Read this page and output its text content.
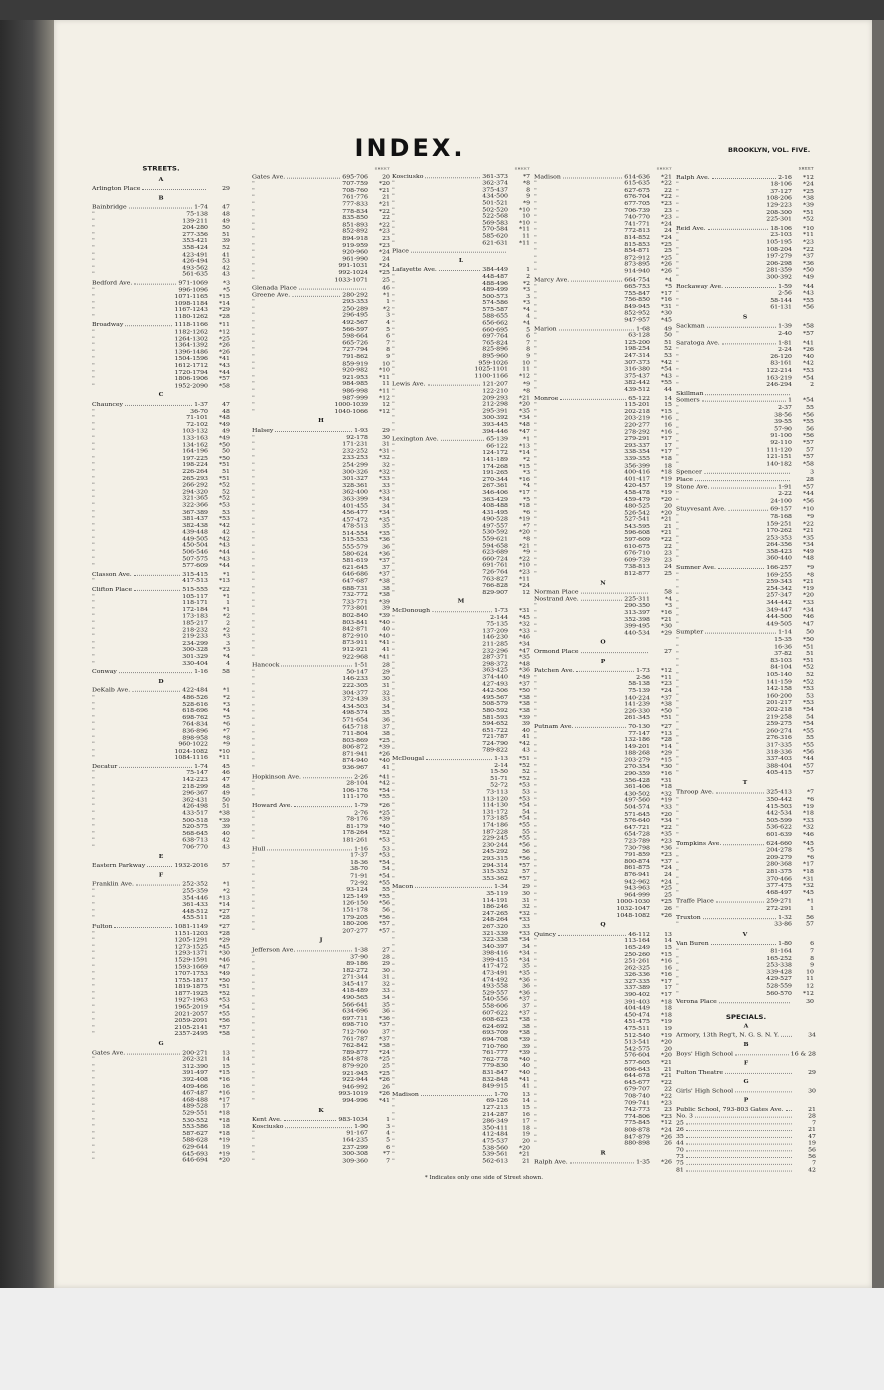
INDEX.	BROOKLYN, VOL. FIVE.
STREETS.
A
Arlington Place	29
B
Bainbridge	1-74	47
"	75-138	48
"	139-211	49
"	204-280	50
"	277-356	51
"	353-421	39
"	358-424	52
"	423-491	41
"	426-494	53
"	493-562	42
"	561-635	43
Bedford Ave.	971-1069	*3
"	996-1096	*5
"	1071-1165	*15
"	1098-1184	*14
"	1167-1243	*29
"	1180-1262	*28
Broadway	1118-1166	*11
"	1182-1262	*12
"	1264-1302	*25
"	1364-1392	*26
"	1396-1486	*26
"	1504-1596	*41
"	1612-1712	*43
"	1720-1794	*44
"	1806-1906	*57
"	1952-2090	*58
C
Chauncey	1-37	47
"	36-70	48
"	71-101	*48
"	72-102	*49
"	103-132	49
"	133-163	*49
"	134-162	*50
"	164-196	50
"	197-225	*50
"	198-224	*51
"	226-264	51
"	265-293	*51
"	266-292	*52
"	294-320	52
"	321-365	*52
"	322-366	*53
"	367-389	53
"	381-437	*53
"	382-438	*42
"	439-448	42
"	449-505	*42
"	450-504	*43
"	506-546	*44
"	507-575	*43
"	577-609	*44
Classon Ave.	315-415	*1
"	417-513	*13
Clifton Place	515-555	*22
"	105-117	*1
"	118-171	1
"	172-184	*1
"	173-183	*2
"	185-217	2
"	218-232	*2
"	219-233	*3
"	234-299	3
"	300-328	*3
"	301-329	*4
"	330-404	4
Conway	1-16	58
D
DeKalb Ave.	422-484	*1
"	486-526	*2
"	528-616	*3
"	618-696	*4
"	698-762	*5
"	764-834	*6
"	836-896	*7
"	898-958	*8
"	960-1022	*9
"	1024-1082	*10
"	1084-1116	*11
Decatur	1-74	45
"	75-147	46
"	142-223	47
"	218-299	48
"	296-367	49
"	362-431	50
"	426-498	51
"	433-517	*38
"	500-518	*39
"	520-575	39
"	568-645	40
"	638-713	42
"	706-770	43
E
Eastern Parkway	1932-2016	57
F
Franklin Ave.	252-352	*1
"	255-359	*2
"	354-446	*13
"	361-433	*14
"	448-512	*27
"	455-511	*28
Fulton	1081-1149	*27
"	1151-1203	*28
"	1205-1291	*29
"	1273-1525	*45
"	1293-1371	*30
"	1529-1591	*46
"	1593-1669	*47
"	1707-1753	*49
"	1755-1817	*50
"	1819-1875	*51
"	1877-1925	*52
"	1927-1963	*53
"	1965-2019	*54
"	2021-2057	*55
"	2059-2091	*56
"	2105-2141	*57
"	2357-2495	*58
G
Gates Ave.	200-271	13
"	262-321	14
"	312-390	15
"	391-497	*15
"	392-408	*16
"	409-466	16
"	467-487	*16
"	468-488	*17
"	489-528	17
"	529-551	*18
"	530-552	*18
"	553-586	18
"	587-627	*18
"	588-628	*19
"	629-644	19
"	645-693	*19
"	646-694	*20
SHEET
Gates Ave.	695-706	20
"	707-759	*20
"	708-760	*21
"	761-776	21
"	777-833	*21
"	778-834	*22
"	835-850	22
"	851-893	*22
"	852-892	*23
"	894-918	23
"	919-959	*23
"	920-960	*24
"	961-990	24
"	991-1031	*24
"	992-1024	*25
"	1033-1071	25
Glenada Place	46
Greene Ave.	280-292	*1
"	293-353	1
"	250-289	*2
"	296-495	3
"	492-567	4
"	566-597	5
"	598-664	6
"	665-726	7
"	727-794	8
"	791-862	9
"	859-919	10
"	920-982	*10
"	921-953	*11
"	984-985	11
"	986-998	*11
"	987-999	*12
"	1000-1039	12
"	1040-1066	*12
H
Halsey	1-93	29
"	92-178	30
"	171-231	31
"	232-252	*31
"	233-253	*32
"	254-299	32
"	300-326	*32
"	301-327	*33
"	328-361	33
"	362-400	*33
"	363-399	*34
"	401-455	34
"	456-477	*34
"	457-472	*35
"	478-513	35
"	514-554	*35
"	515-553	*36
"	555-579	36
"	580-624	*36
"	581-619	*37
"	621-645	37
"	646-686	*37
"	647-687	*38
"	688-731	38
"	732-772	*38
"	733-771	*39
"	773-801	39
"	802-840	*39
"	803-841	*40
"	842-871	40
"	872-910	*40
"	873-911	*41
"	912-921	41
"	922-968	*41
Hancock	1-51	28
"	50-147	29
"	146-233	30
"	222-305	31
"	304-377	32
"	372-439	33
"	434-503	34
"	498-574	35
"	571-654	36
"	645-718	37
"	711-804	38
"	803-869	*25
"	806-872	*39
"	871-941	*26
"	874-940	*40
"	936-967	41
Hopkinson Ave.	2-26	*41
"	28-104	*42
"	106-176	*54
"	111-170	*55
Howard Ave.	1-79	*26
"	2-76	*25
"	78-176	*39
"	81-179	*40
"	178-264	*52
"	181-261	*53
Hull	1-16	53
"	17-37	*53
"	18-36	*54
"	38-70	54
"	71-91	*54
"	72-92	*55
"	93-124	55
"	125-149	*55
"	126-150	*56
"	151-178	56
"	179-205	*56
"	180-206	*57
"	207-277	*57
J
Jefferson Ave.	1-38	27
"	37-90	28
"	89-186	29
"	182-272	30
"	271-344	31
"	345-417	32
"	418-489	33
"	490-565	34
"	566-641	35
"	634-696	36
"	697-711	*36
"	698-710	*37
"	712-760	37
"	761-787	*37
"	762-842	*38
"	789-877	*24
"	854-878	*25
"	879-920	25
"	921-945	*25
"	922-944	*26
"	946-992	26
"	993-1019	*26
"	994-996	*41
K
Kent Ave.	983-1034	1
Kosciusko	1-90	3
"	91-167	4
"	164-235	5
"	237-299	6
"	300-308	*7
"	309-360	7
SHEET
Kosciusko	361-373	*7
"	362-374	*8
"	375-437	8
"	434-500	9
"	501-521	*9
"	502-520	*10
"	522-568	10
"	569-583	*10
"	570-584	*11
"	585-620	11
"	621-631	*11
Place
L
Lafayette Ave.	384-449	1
"	448-487	2
"	488-496	*2
"	489-499	*3
"	500-573	3
"	574-586	*3
"	575-587	*4
"	588-655	4
"	656-662	*4
"	660-695	5
"	697-764	6
"	765-824	7
"	825-896	8
"	895-960	9
"	959-1026	10
"	1025-1101	11
"	1100-1166	*12
Lewis Ave.	121-207	*9
"	122-210	*8
"	209-293	*21
"	212-298	*20
"	295-391	*35
"	300-392	*34
"	393-445	*48
"	394-446	*47
Lexington Ave.	65-139	*1
"	66-122	*13
"	124-172	*14
"	141-189	*2
"	174-268	*15
"	191-265	*3
"	270-344	*16
"	267-361	*4
"	346-406	*17
"	363-429	*5
"	408-488	*18
"	431-495	*6
"	490-528	*19
"	497-557	*7
"	530-592	*20
"	559-621	*8
"	594-658	*21
"	623-689	*9
"	660-724	*22
"	691-761	*10
"	726-764	*23
"	763-827	*11
"	766-828	*24
"	829-907	12
M
McDonough	1-73	*31
"	2-144	*45
"	75-135	*32
"	137-209	*33
"	146-230	*46
"	211-285	*34
"	232-296	*47
"	287-371	*35
"	298-372	*48
"	363-425	*36
"	374-440	*49
"	427-493	*37
"	442-506	*50
"	495-567	*38
"	508-579	*38
"	580-592	*38
"	581-593	*39
"	594-652	39
"	651-722	40
"	721-787	41
"	724-790	*42
"	789-822	43
McDougal	1-13	*51
"	2-14	*52
"	15-50	52
"	51-71	*52
"	52-72	*53
"	73-113	53
"	113-120	*53
"	114-130	*54
"	131-172	54
"	173-185	*54
"	174-186	*55
"	187-228	55
"	229-245	*55
"	230-244	*56
"	245-292	56
"	293-315	*56
"	294-314	*57
"	315-352	57
"	353-362	*57
Macon	1-34	29
"	35-119	30
"	114-191	31
"	186-246	32
"	247-265	*32
"	248-264	*33
"	267-320	33
"	321-339	*33
"	322-338	*34
"	340-397	34
"	398-416	*34
"	399-415	*34
"	417-472	35
"	473-491	*35
"	474-492	*36
"	493-558	36
"	529-557	*36
"	540-556	*37
"	558-606	37
"	607-622	*37
"	608-623	*38
"	624-692	38
"	693-709	*38
"	694-708	*39
"	710-760	39
"	761-777	*39
"	762-778	*40
"	779-830	40
"	831-847	*40
"	832-848	*41
"	849-915	41
Madison	1-70	13
"	69-126	14
"	127-213	15
"	214-287	16
"	286-349	17
"	350-411	18
"	412-484	19
"	475-537	20
"	538-560	*20
"	539-561	*21
"	562-613	21
SHEET
Madison	614-636	*21
"	615-635	*22
"	627-675	22
"	676-704	*22
"	677-705	*23
"	706-739	23
"	740-770	*23
"	741-771	*24
"	772-813	24
"	814-852	*24
"	815-853	*25
"	854-871	25
"	872-912	*25
"	873-895	*26
"	914-940	*26
Marcy Ave.	664-754	*4
"	665-753	*5
"	755-847	*17
"	756-850	*16
"	849-945	*31
"	852-952	*30
"	947-957	*45
Marion	1-68	49
"	63-128	50
"	125-200	51
"	198-254	52
"	247-314	53
"	307-373	*42
"	316-380	*54
"	375-437	*43
"	382-442	*55
"	439-512	44
Monroe	65-122	14
"	115-201	15
"	202-218	*15
"	203-219	*16
"	220-277	16
"	278-292	*16
"	279-291	*17
"	293-337	17
"	338-354	*17
"	339-355	*18
"	356-399	18
"	400-416	*18
"	401-417	*19
"	420-457	19
"	458-478	*19
"	459-479	*20
"	480-525	20
"	526-542	*20
"	527-541	*21
"	543-595	21
"	596-608	*21
"	597-609	*22
"	610-675	22
"	676-710	23
"	609-739	23
"	738-813	24
"	812-877	25
N
Norman Place	58
Nostrand Ave.	225-311	*4
"	290-350	*3
"	313-397	*16
"	352-398	*21
"	399-495	*30
"	440-534	*29
O
Ormond Place	27
P
Patchen Ave.	1-73	*12
"	2-56	*11
"	58-138	*23
"	75-139	*24
"	140-224	*37
"	141-239	*38
"	226-330	*50
"	261-345	*51
Putnam Ave.	70-130	*27
"	77-147	*13
"	132-186	*28
"	149-201	*14
"	188-268	*29
"	203-279	*15
"	270-354	*30
"	290-359	*16
"	356-428	*31
"	361-406	*18
"	430-502	*32
"	497-560	*19
"	504-574	*33
"	571-645	*20
"	576-640	*34
"	647-721	*22
"	654-728	*35
"	723-789	*23
"	730-798	*36
"	791-859	*23
"	800-874	*37
"	861-875	*24
"	876-941	24
"	942-962	*24
"	943-963	*25
"	964-999	25
"	1000-1030	*25
"	1032-1047	26
"	1048-1082	*26
Q
Quincy	46-112	13
"	113-164	14
"	165-249	15
"	250-260	*15
"	251-261	*16
"	262-325	16
"	326-336	*16
"	327-335	*17
"	337-389	17
"	390-402	*17
"	391-403	*18
"	404-449	18
"	450-474	*18
"	451-475	*19
"	475-511	19
"	512-540	*19
"	513-541	*20
"	542-575	20
"	576-604	*20
"	577-605	*21
"	606-643	21
"	644-678	*21
"	645-677	*22
"	679-707	22
"	708-740	*22
"	709-741	*23
"	742-773	23
"	774-806	*23
"	775-845	*12
"	808-878	*24
"	847-879	*26
"	880-898	26
R
Ralph Ave.	1-35	*26
SHEET
Ralph Ave.	2-16	*12
"	18-106	*24
"	37-127	*25
"	108-206	*38
"	129-223	*39
"	208-300	*51
"	225-301	*52
Reid Ave.	18-106	*10
"	23-103	*11
"	105-195	*23
"	108-204	*22
"	197-279	*37
"	206-298	*36
"	281-359	*50
"	300-392	*49
Rockaway Ave.	1-59	*44
"	2-56	*43
"	58-144	*55
"	61-131	*56
S
Sackman	1-39	*58
"	2-40	*57
Saratoga Ave.	1-81	*41
"	2-24	*26
"	26-120	*40
"	83-161	*42
"	122-214	*53
"	163-219	*54
"	246-294	2
Skillman
Somers	1	*54
"	2-37	55
"	38-56	*56
"	39-55	*55
"	57-90	56
"	91-100	*56
"	92-110	*57
"	111-120	57
"	121-151	*57
"	140-182	*58
Spencer	3
Place	28
Stone Ave.	1-91	*57
"	2-22	*44
"	24-100	*56
Stuyvesant Ave.	69-157	*10
"	78-168	*9
"	159-251	*22
"	170-262	*21
"	253-353	*35
"	264-356	*34
"	358-423	*49
"	360-440	*48
Sumner Ave.	166-257	*9
"	169-255	*8
"	259-343	*21
"	254-342	*19
"	257-347	*20
"	344-442	*33
"	349-447	*34
"	444-500	*46
"	449-505	*47
Sumpter	1-14	50
"	15-35	*50
"	16-36	*51
"	37-82	51
"	83-103	*51
"	84-104	*52
"	105-140	52
"	141-159	*52
"	142-158	*53
"	160-200	53
"	201-217	*53
"	202-218	*54
"	219-258	54
"	259-275	*54
"	260-274	*55
"	276-316	55
"	317-335	*55
"	318-336	*56
"	337-403	*44
"	388-404	*57
"	405-415	*57
T
Throop Ave.	325-413	*7
"	350-442	*6
"	415-503	*19
"	442-534	*18
"	505-599	*33
"	536-622	*32
"	601-639	*46
Tompkins Ave.	624-660	*45
"	204-278	*5
"	209-279	*6
"	280-368	*17
"	281-375	*18
"	370-466	*31
"	377-475	*32
"	468-497	*45
Traffe Place	259-271	*1
"	272-291	1
Truxton	1-32	56
"	33-86	57
V
Van Buren	1-80	6
"	81-164	7
"	165-252	8
"	253-338	9
"	339-428	10
"	429-527	11
"	528-559	12
"	560-570	*12
Verona Place	30
SPECIALS.
A
Armory, 13th Reg't, N. G. S. N. Y.	34
B
Boys' High School	16 & 28
F
Fulton Theatre	29
G
Girls' High School	30
P
Public School, 793-803 Gates Ave.	21
No. 3	28
25	7
26	21
35	47
44	19
70	56
73	56
75	7
81	42
* Indicates only one side of Street shown.
